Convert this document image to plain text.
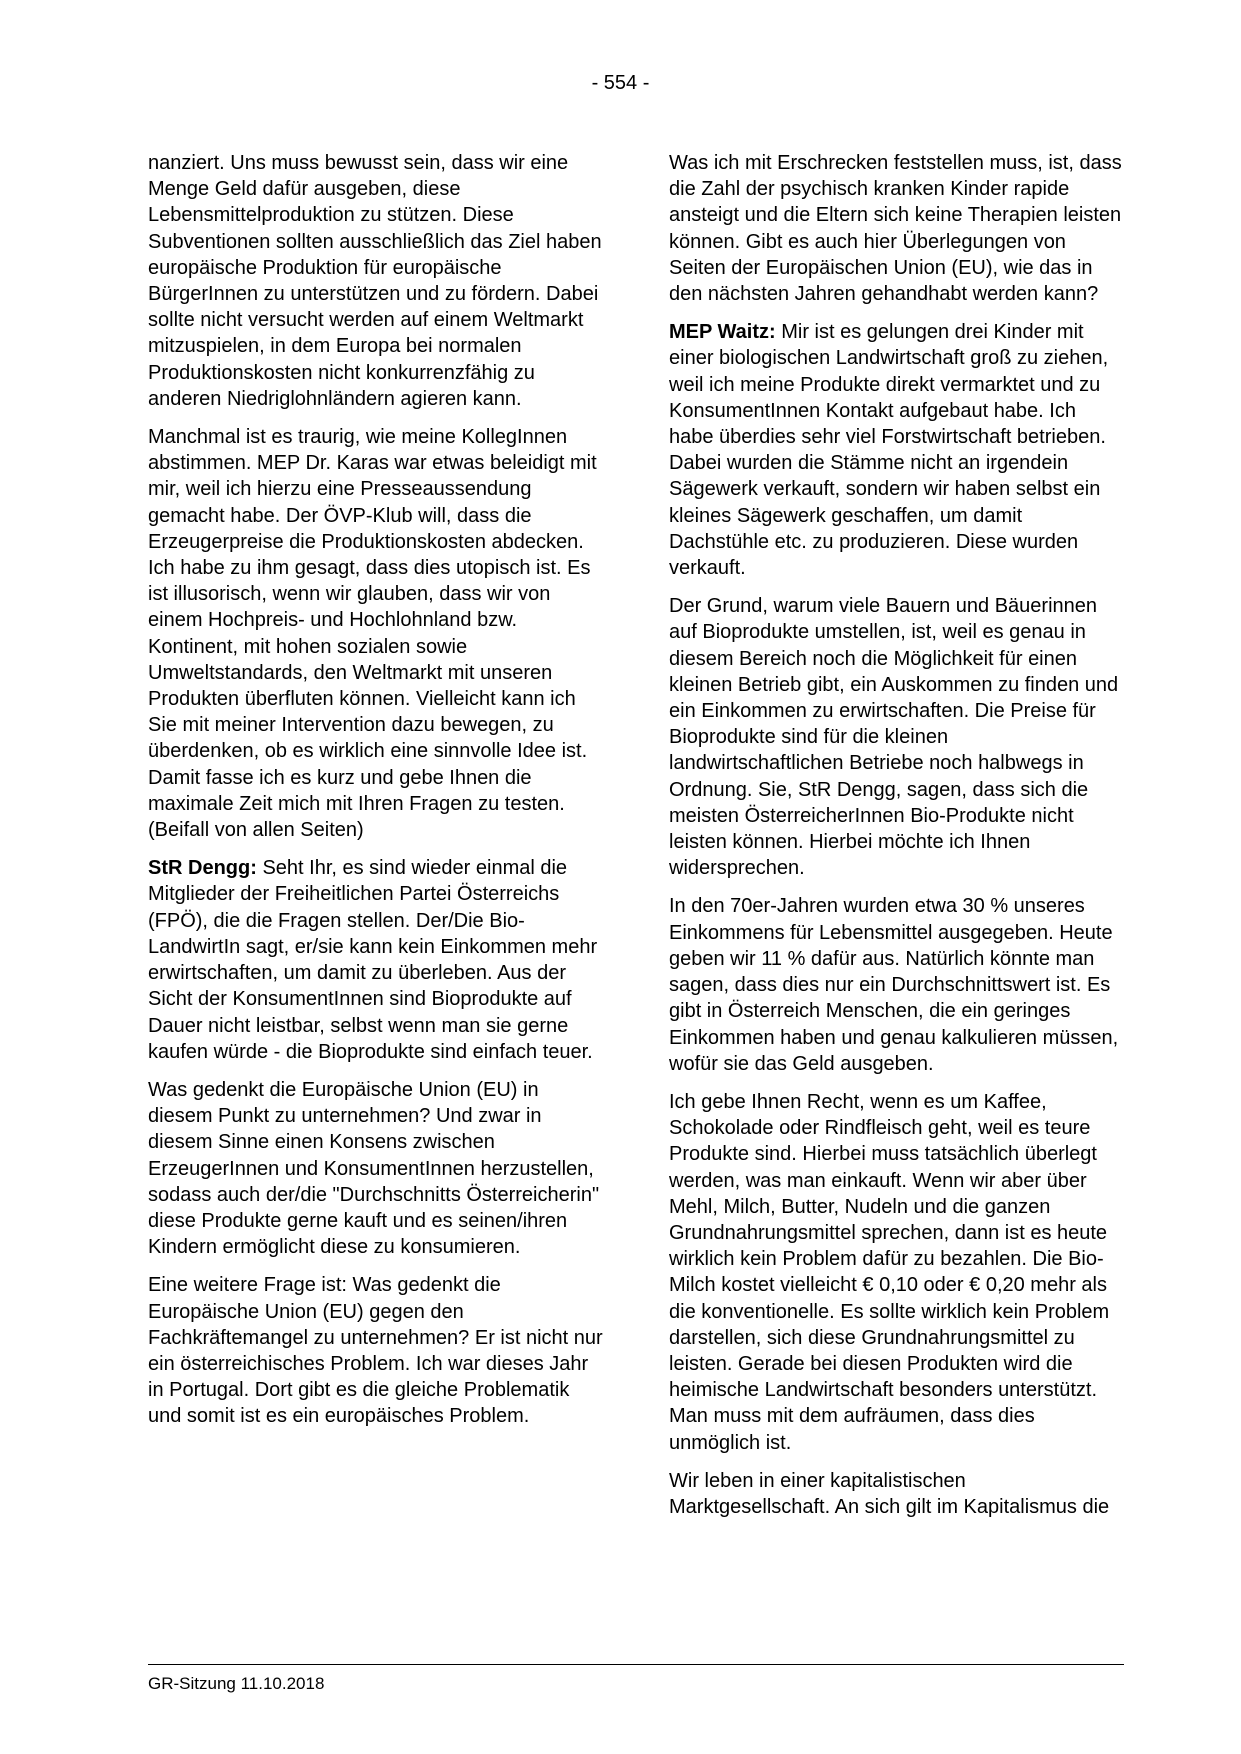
- 554 -

nanziert. Uns muss bewusst sein, dass wir eine Menge Geld dafür ausgeben, diese Lebensmittelproduktion zu stützen. Diese Subventionen sollten ausschließlich das Ziel haben europäische Produktion für europäische BürgerInnen zu unterstützen und zu fördern. Dabei sollte nicht versucht werden auf einem Weltmarkt mitzuspielen, in dem Europa bei normalen Produktionskosten nicht konkurrenzfähig zu anderen Niedriglohnländern agieren kann.

Manchmal ist es traurig, wie meine KollegInnen abstimmen. MEP Dr. Karas war etwas beleidigt mit mir, weil ich hierzu eine Presseaussendung gemacht habe. Der ÖVP-Klub will, dass die Erzeugerpreise die Produktionskosten abdecken. Ich habe zu ihm gesagt, dass dies utopisch ist. Es ist illusorisch, wenn wir glauben, dass wir von einem Hochpreis- und Hochlohnland bzw. Kontinent, mit hohen sozialen sowie Umweltstandards, den Weltmarkt mit unseren Produkten überfluten können. Vielleicht kann ich Sie mit meiner Intervention dazu bewegen, zu überdenken, ob es wirklich eine sinnvolle Idee ist. Damit fasse ich es kurz und gebe Ihnen die maximale Zeit mich mit Ihren Fragen zu testen. (Beifall von allen Seiten)

StR Dengg: Seht Ihr, es sind wieder einmal die Mitglieder der Freiheitlichen Partei Österreichs (FPÖ), die die Fragen stellen. Der/Die Bio-LandwirtIn sagt, er/sie kann kein Einkommen mehr erwirtschaften, um damit zu überleben. Aus der Sicht der KonsumentInnen sind Bioprodukte auf Dauer nicht leistbar, selbst wenn man sie gerne kaufen würde - die Bioprodukte sind einfach teuer.

Was gedenkt die Europäische Union (EU) in diesem Punkt zu unternehmen? Und zwar in diesem Sinne einen Konsens zwischen ErzeugerInnen und KonsumentInnen herzustellen, sodass auch der/die "Durchschnitts Österreicherin" diese Produkte gerne kauft und es seinen/ihren Kindern ermöglicht diese zu konsumieren.

Eine weitere Frage ist: Was gedenkt die Europäische Union (EU) gegen den Fachkräftemangel zu unternehmen? Er ist nicht nur ein österreichisches Problem. Ich war dieses Jahr in Portugal. Dort gibt es die gleiche Problematik und somit ist es ein europäisches Problem.

Was ich mit Erschrecken feststellen muss, ist, dass die Zahl der psychisch kranken Kinder rapide ansteigt und die Eltern sich keine Therapien leisten können. Gibt es auch hier Überlegungen von Seiten der Europäischen Union (EU), wie das in den nächsten Jahren gehandhabt werden kann?

MEP Waitz: Mir ist es gelungen drei Kinder mit einer biologischen Landwirtschaft groß zu ziehen, weil ich meine Produkte direkt vermarktet und zu KonsumentInnen Kontakt aufgebaut habe. Ich habe überdies sehr viel Forstwirtschaft betrieben. Dabei wurden die Stämme nicht an irgendein Sägewerk verkauft, sondern wir haben selbst ein kleines Sägewerk geschaffen, um damit Dachstühle etc. zu produzieren. Diese wurden verkauft.

Der Grund, warum viele Bauern und Bäuerinnen auf Bioprodukte umstellen, ist, weil es genau in diesem Bereich noch die Möglichkeit für einen kleinen Betrieb gibt, ein Auskommen zu finden und ein Einkommen zu erwirtschaften. Die Preise für Bioprodukte sind für die kleinen landwirtschaftlichen Betriebe noch halbwegs in Ordnung. Sie, StR Dengg, sagen, dass sich die meisten ÖsterreicherInnen Bio-Produkte nicht leisten können. Hierbei möchte ich Ihnen widersprechen.

In den 70er-Jahren wurden etwa 30 % unseres Einkommens für Lebensmittel ausgegeben. Heute geben wir 11 % dafür aus. Natürlich könnte man sagen, dass dies nur ein Durchschnittswert ist. Es gibt in Österreich Menschen, die ein geringes Einkommen haben und genau kalkulieren müssen, wofür sie das Geld ausgeben.

Ich gebe Ihnen Recht, wenn es um Kaffee, Schokolade oder Rindfleisch geht, weil es teure Produkte sind. Hierbei muss tatsächlich überlegt werden, was man einkauft. Wenn wir aber über Mehl, Milch, Butter, Nudeln und die ganzen Grundnahrungsmittel sprechen, dann ist es heute wirklich kein Problem dafür zu bezahlen. Die Bio-Milch kostet vielleicht € 0,10 oder € 0,20 mehr als die konventionelle. Es sollte wirklich kein Problem darstellen, sich diese Grundnahrungsmittel zu leisten. Gerade bei diesen Produkten wird die heimische Landwirtschaft besonders unterstützt. Man muss mit dem aufräumen, dass dies unmöglich ist.

Wir leben in einer kapitalistischen Marktgesellschaft. An sich gilt im Kapitalismus die

GR-Sitzung 11.10.2018
